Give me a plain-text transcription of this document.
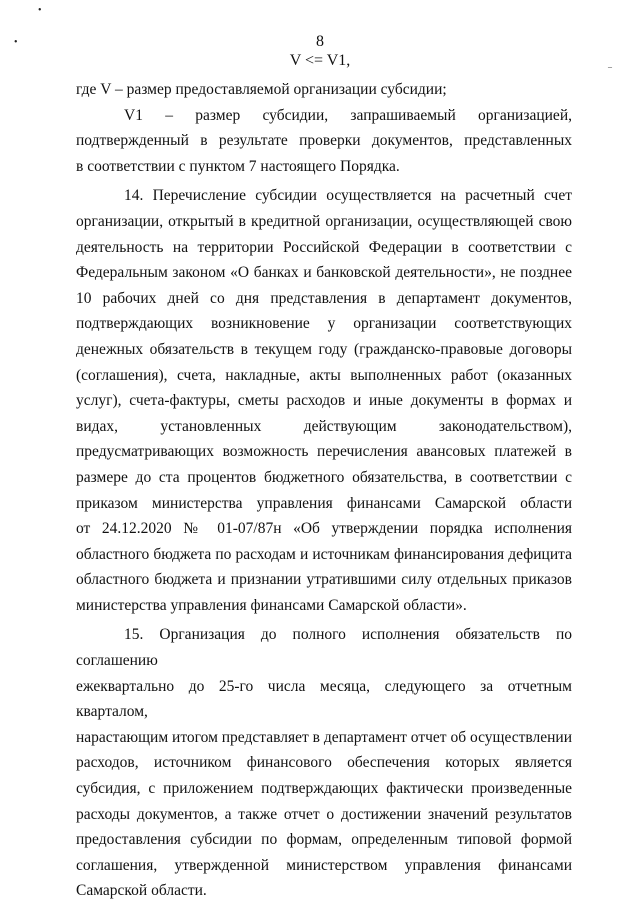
•
•
–
8
V <= V1,

где V – размер предоставляемой организации субсидии;

V1   –   размер   субсидии,   запрашиваемый   организацией,

подтвержденный в результате проверки документов, представленных

в соответствии с пунктом 7 настоящего Порядка.

14. Перечисление субсидии осуществляется на расчетный счет

организации, открытый в кредитной организации, осуществляющей свою

деятельность на территории Российской Федерации в соответствии с

Федеральным законом «О банках и банковской деятельности», не позднее

10 рабочих дней со дня представления в департамент документов,

подтверждающих возникновение у организации соответствующих

денежных обязательств в текущем году (гражданско-правовые договоры

(соглашения), счета, накладные, акты выполненных работ (оказанных

услуг), счета-фактуры, сметы расходов и иные документы в формах и

видах, установленных действующим законодательством),

предусматривающих возможность перечисления авансовых платежей в

размере до ста процентов бюджетного обязательства, в соответствии с

приказом министерства управления финансами Самарской области

от 24.12.2020 № 01-07/87н «Об утверждении порядка исполнения

областного бюджета по расходам и источникам финансирования дефицита

областного бюджета и признании утратившими силу отдельных приказов

министерства управления финансами Самарской области».

15. Организация до полного исполнения обязательств по соглашению

ежеквартально до 25-го числа месяца, следующего за отчетным кварталом,

нарастающим итогом представляет в департамент отчет об осуществлении

расходов, источником финансового обеспечения которых является

субсидия, с приложением подтверждающих фактически произведенные

расходы документов, а также отчет о достижении значений результатов

предоставления субсидии по формам, определенным типовой формой

соглашения, утвержденной министерством управления финансами

Самарской области.
